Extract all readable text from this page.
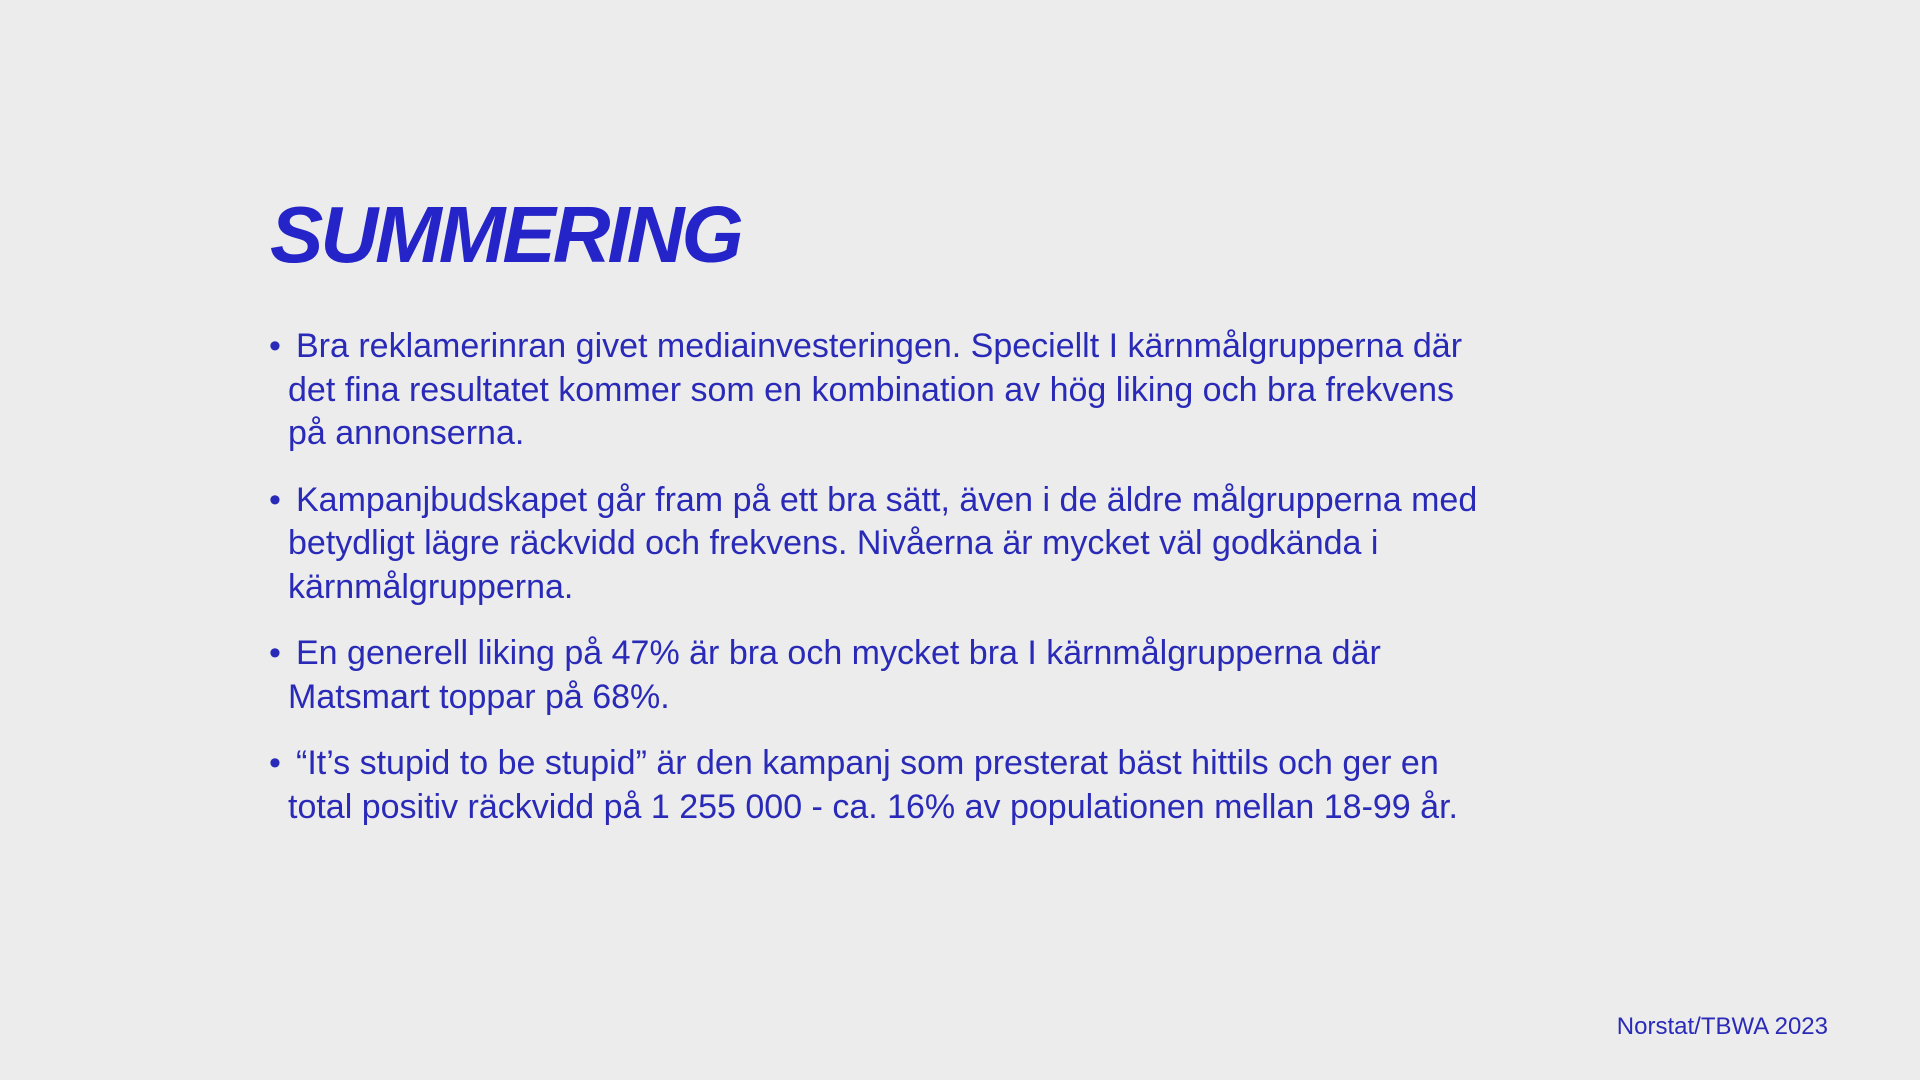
SUMMERING
• Bra reklamerinran givet mediainvesteringen. Speciellt I kärnmålgrupperna där
det fina resultatet kommer som en kombination av hög liking och bra frekvens
på annonserna.
• Kampanjbudskapet går fram på ett bra sätt, även i de äldre målgrupperna med
betydligt lägre räckvidd och frekvens. Nivåerna är mycket väl godkända i
kärnmålgrupperna.
• En generell liking på 47% är bra och mycket bra I kärnmålgrupperna där
Matsmart toppar på 68%.
• “It’s stupid to be stupid” är den kampanj som presterat bäst hittils och ger en
total positiv räckvidd på 1 255 000 - ca. 16% av populationen mellan 18-99 år.
Norstat/TBWA 2023
